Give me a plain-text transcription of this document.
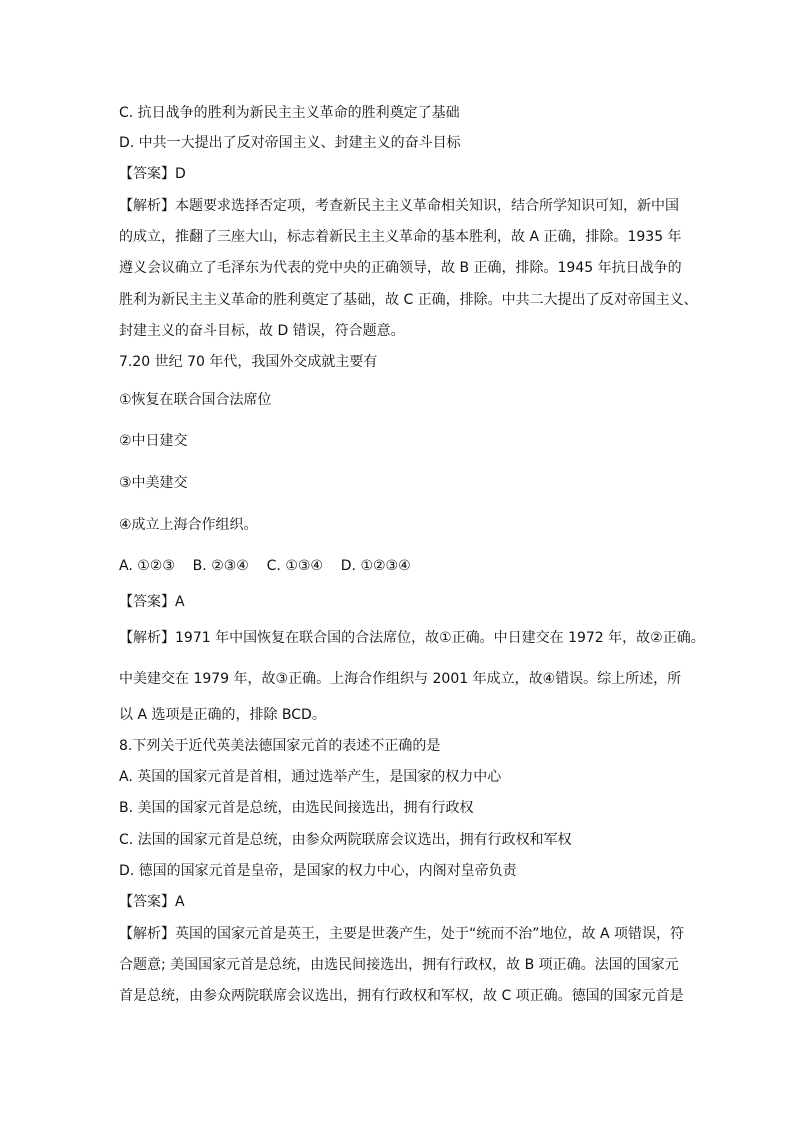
C. 抗日战争的胜利为新民主主义革命的胜利奠定了基础
D. 中共一大提出了反对帝国主义、封建主义的奋斗目标
【答案】D
【解析】本题要求选择否定项，考查新民主主义革命相关知识，结合所学知识可知，新中国
的成立，推翻了三座大山，标志着新民主主义革命的基本胜利，故 A 正确，排除。1935 年
遵义会议确立了毛泽东为代表的党中央的正确领导，故 B 正确，排除。1945 年抗日战争的
胜利为新民主主义革命的胜利奠定了基础，故 C 正确，排除。中共二大提出了反对帝国主义、
封建主义的奋斗目标，故 D 错误，符合题意。
7.20 世纪 70 年代，我国外交成就主要有
①恢复在联合国合法席位
②中日建交
③中美建交
④成立上海合作组织。
A. ①②③    B. ②③④    C. ①③④    D. ①②③④
【答案】A
【解析】1971 年中国恢复在联合国的合法席位，故①正确。中日建交在 1972 年，故②正确。
中美建交在 1979 年，故③正确。上海合作组织与 2001 年成立，故④错误。综上所述，所
以 A 选项是正确的，排除 BCD。
8.下列关于近代英美法德国家元首的表述不正确的是
A. 英国的国家元首是首相，通过选举产生，是国家的权力中心
B. 美国的国家元首是总统，由选民间接选出，拥有行政权
C. 法国的国家元首是总统，由参众两院联席会议选出，拥有行政权和军权
D. 德国的国家元首是皇帝，是国家的权力中心，内阁对皇帝负责
【答案】A
【解析】英国的国家元首是英王，主要是世袭产生，处于“统而不治”地位，故 A 项错误，符
合题意; 美国国家元首是总统，由选民间接选出，拥有行政权，故 B 项正确。法国的国家元
首是总统，由参众两院联席会议选出，拥有行政权和军权，故 C 项正确。德国的国家元首是
